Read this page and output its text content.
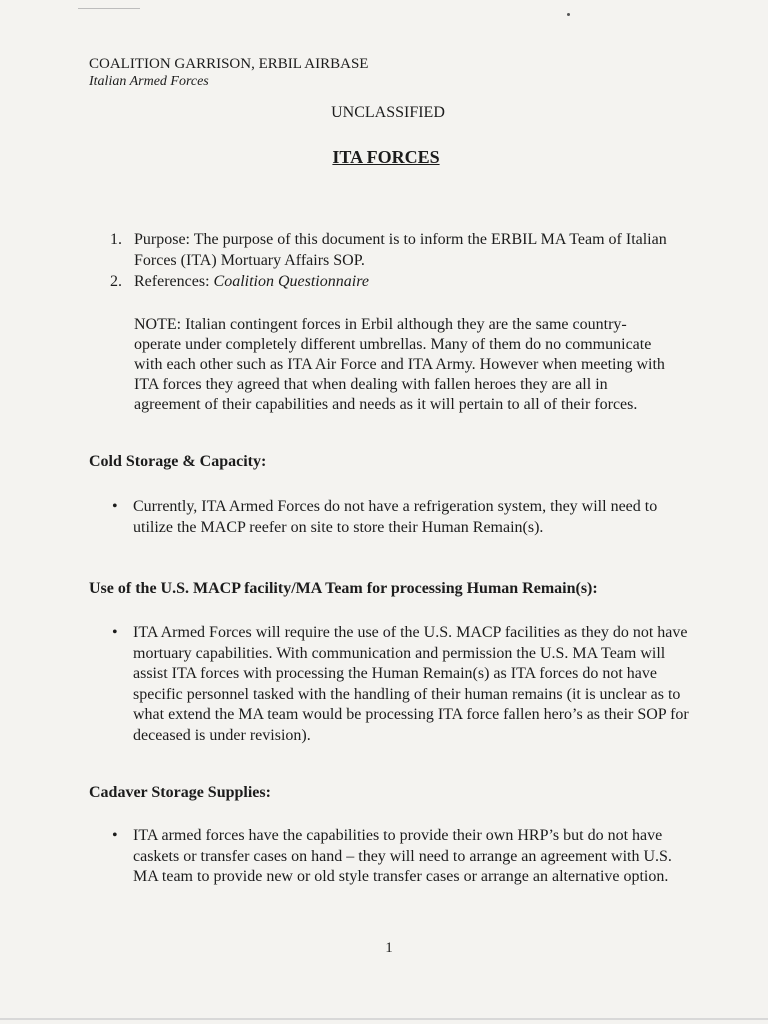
COALITION GARRISON, ERBIL AIRBASE
Italian Armed Forces
UNCLASSIFIED
ITA FORCES
1. Purpose: The purpose of this document is to inform the ERBIL MA Team of Italian Forces (ITA) Mortuary Affairs SOP.
2. References: Coalition Questionnaire
NOTE: Italian contingent forces in Erbil although they are the same country- operate under completely different umbrellas. Many of them do no communicate with each other such as ITA Air Force and ITA Army. However when meeting with ITA forces they agreed that when dealing with fallen heroes they are all in agreement of their capabilities and needs as it will pertain to all of their forces.
Cold Storage & Capacity:
• Currently, ITA Armed Forces do not have a refrigeration system, they will need to utilize the MACP reefer on site to store their Human Remain(s).
Use of the U.S. MACP facility/MA Team for processing Human Remain(s):
• ITA Armed Forces will require the use of the U.S. MACP facilities as they do not have mortuary capabilities. With communication and permission the U.S. MA Team will assist ITA forces with processing the Human Remain(s) as ITA forces do not have specific personnel tasked with the handling of their human remains (it is unclear as to what extend the MA team would be processing ITA force fallen hero’s as their SOP for deceased is under revision).
Cadaver Storage Supplies:
• ITA armed forces have the capabilities to provide their own HRP’s but do not have caskets or transfer cases on hand – they will need to arrange an agreement with U.S. MA team to provide new or old style transfer cases or arrange an alternative option.
1
